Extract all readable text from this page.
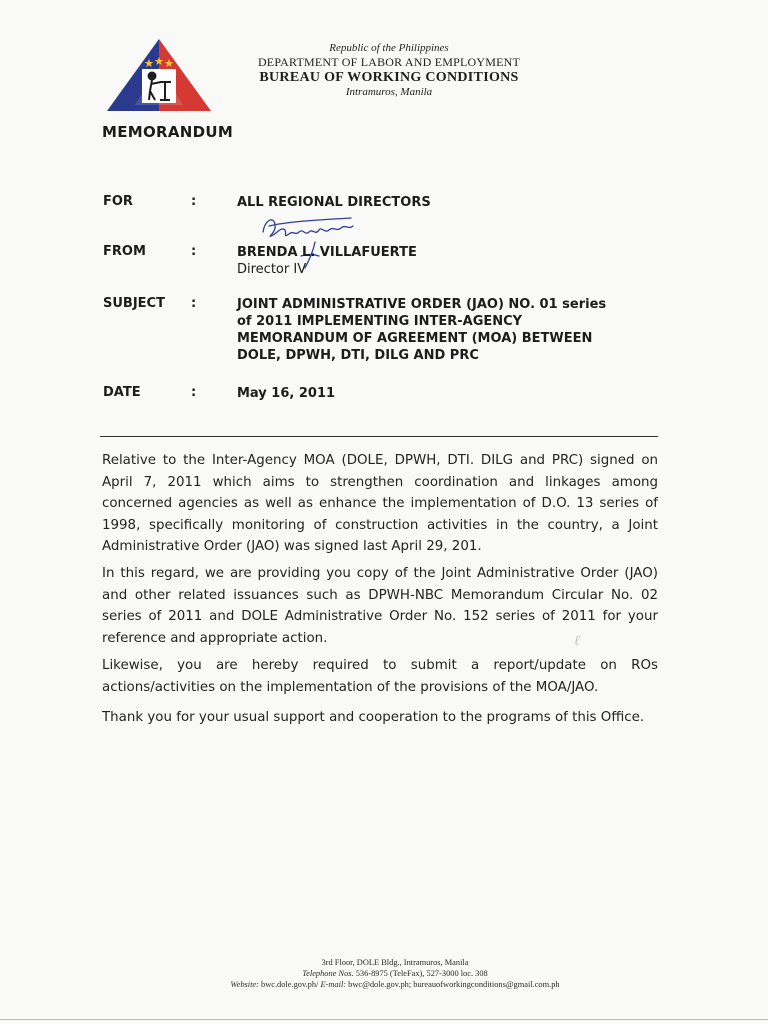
Republic of the Philippines
DEPARTMENT OF LABOR AND EMPLOYMENT
BUREAU OF WORKING CONDITIONS
Intramuros, Manila
MEMORANDUM
FOR	:	ALL REGIONAL DIRECTORS
FROM	:	BRENDA L. VILLAFUERTE
Director IV
SUBJECT :	JOINT ADMINISTRATIVE ORDER (JAO) NO. 01 series
of 2011 IMPLEMENTING INTER-AGENCY
MEMORANDUM OF AGREEMENT (MOA) BETWEEN
DOLE, DPWH, DTI, DILG AND PRC
DATE	:	May 16, 2011
Relative to the Inter-Agency MOA (DOLE, DPWH, DTI. DILG and PRC) signed on April 7, 2011 which aims to strengthen coordination and linkages among concerned agencies as well as enhance the implementation of D.O. 13 series of 1998, specifically monitoring of construction activities in the country, a Joint Administrative Order (JAO) was signed last April 29, 201.
In this regard, we are providing you copy of the Joint Administrative Order (JAO) and other related issuances such as DPWH-NBC Memorandum Circular No. 02 series of 2011 and DOLE Administrative Order No. 152 series of 2011 for your reference and appropriate action.
Likewise, you are hereby required to submit a report/update on ROs actions/activities on the implementation of the provisions of the MOA/JAO.
Thank you for your usual support and cooperation to the programs of this Office.
ℓ
3rd Floor, DOLE Bldg., Intramuros, Manila
Telephone Nos. 536-8975 (TeleFax), 527-3000 loc. 308
Website: bwc.dole.gov.ph/ E-mail: bwc@dole.gov.ph; bureauofworkingconditions@gmail.com.ph
